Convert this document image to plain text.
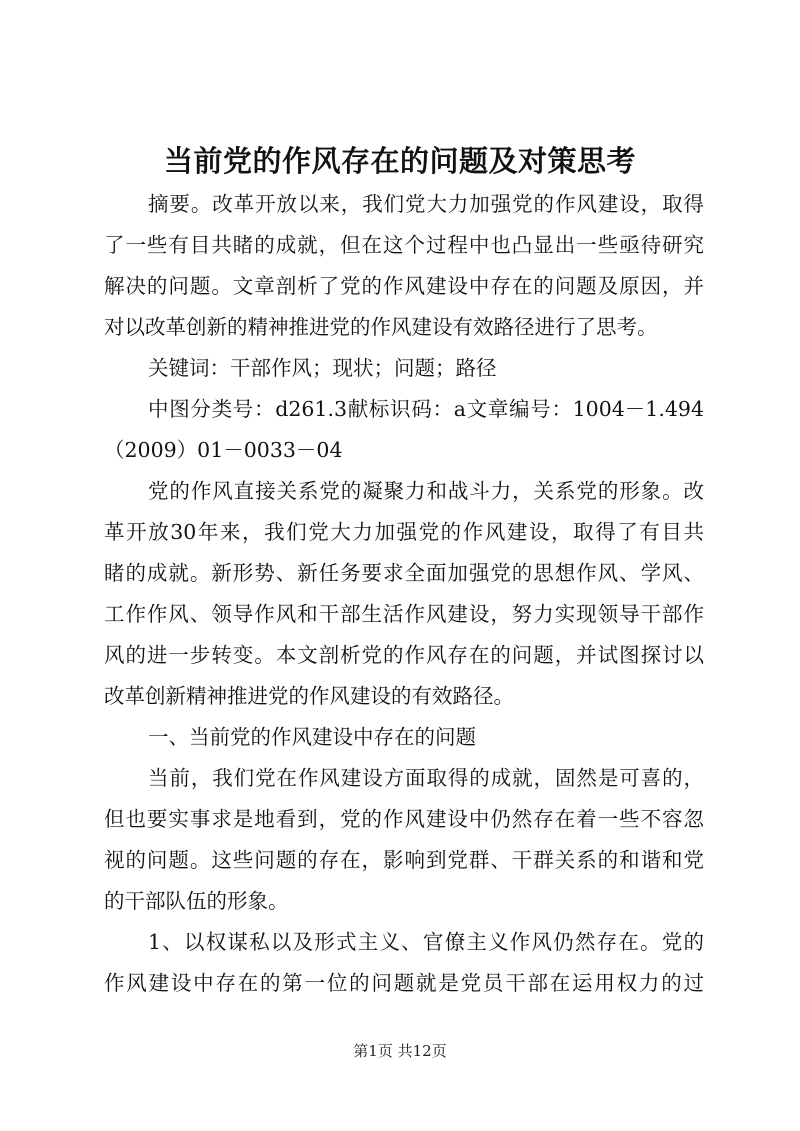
当前党的作风存在的问题及对策思考
摘要。改革开放以来，我们党大力加强党的作风建设，取得
了一些有目共睹的成就，但在这个过程中也凸显出一些亟待研究
解决的问题。文章剖析了党的作风建设中存在的问题及原因，并
对以改革创新的精神推进党的作风建设有效路径进行了思考。
关键词：干部作风；现状；问题；路径
中图分类号：d261.3献标识码：a文章编号：1004－1.494
（2009）01－0033－04
党的作风直接关系党的凝聚力和战斗力，关系党的形象。改
革开放30年来，我们党大力加强党的作风建设，取得了有目共
睹的成就。新形势、新任务要求全面加强党的思想作风、学风、
工作作风、领导作风和干部生活作风建设，努力实现领导干部作
风的进一步转变。本文剖析党的作风存在的问题，并试图探讨以
改革创新精神推进党的作风建设的有效路径。
一、当前党的作风建设中存在的问题
当前，我们党在作风建设方面取得的成就，固然是可喜的，
但也要实事求是地看到，党的作风建设中仍然存在着一些不容忽
视的问题。这些问题的存在，影响到党群、干群关系的和谐和党
的干部队伍的形象。
1、以权谋私以及形式主义、官僚主义作风仍然存在。党的
作风建设中存在的第一位的问题就是党员干部在运用权力的过
第1页 共12页
